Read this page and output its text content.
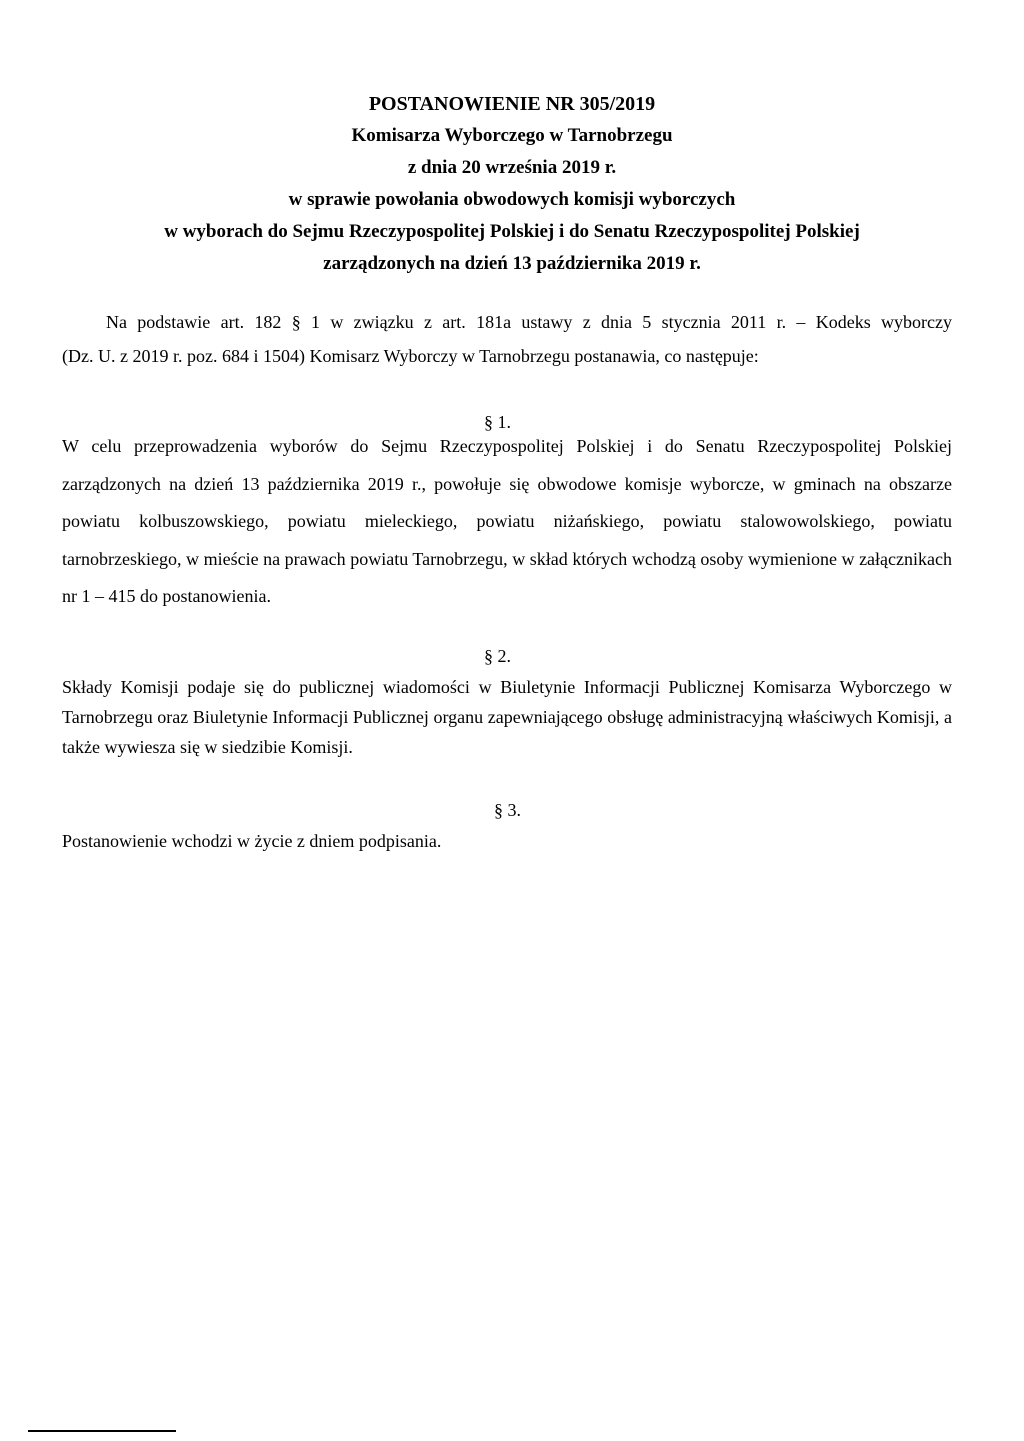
POSTANOWIENIE NR 305/2019
Komisarza Wyborczego w Tarnobrzegu
z dnia 20 września 2019 r.
w sprawie powołania obwodowych komisji wyborczych
w wyborach do Sejmu Rzeczypospolitej Polskiej i do Senatu Rzeczypospolitej Polskiej
zarządzonych na dzień 13 października 2019 r.
Na podstawie art. 182 § 1 w związku z art. 181a ustawy z dnia 5 stycznia 2011 r. – Kodeks wyborczy
(Dz. U. z 2019 r. poz. 684 i 1504) Komisarz Wyborczy w Tarnobrzegu postanawia, co następuje:
§ 1.
W celu przeprowadzenia wyborów do Sejmu Rzeczypospolitej Polskiej i do Senatu Rzeczypospolitej Polskiej zarządzonych na dzień 13 października 2019 r., powołuje się obwodowe komisje wyborcze, w gminach na obszarze powiatu kolbuszowskiego, powiatu mieleckiego, powiatu niżańskiego, powiatu stalowowolskiego, powiatu tarnobrzeskiego, w mieście na prawach powiatu Tarnobrzegu, w skład których wchodzą osoby wymienione w załącznikach nr 1 – 415 do postanowienia.
§ 2.
Składy Komisji podaje się do publicznej wiadomości w Biuletynie Informacji Publicznej Komisarza Wyborczego w Tarnobrzegu oraz Biuletynie Informacji Publicznej organu zapewniającego obsługę administracyjną właściwych Komisji, a także wywiesza się w siedzibie Komisji.
§ 3.
Postanowienie wchodzi w życie z dniem podpisania.
